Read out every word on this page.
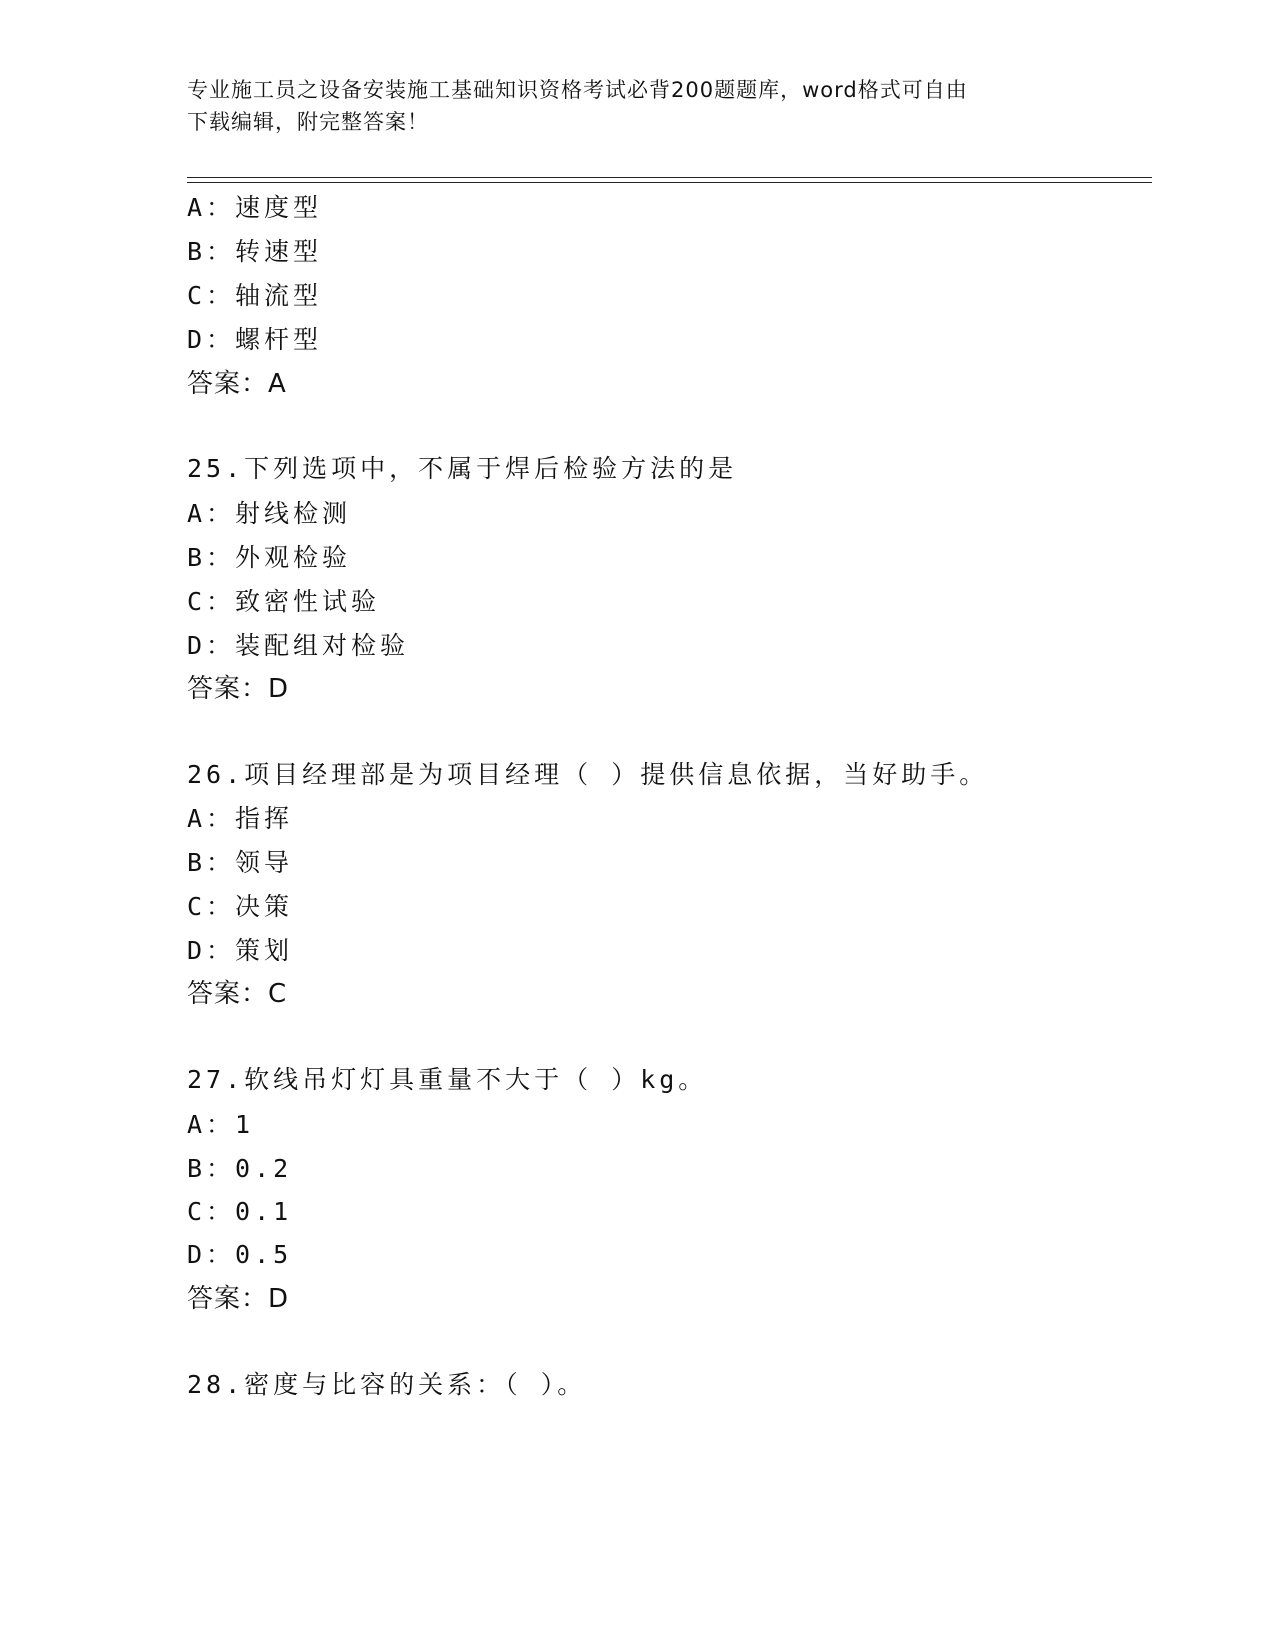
专业施工员之设备安装施工基础知识资格考试必背200题题库，word格式可自由
下载编辑，附完整答案！
A：速度型
B：转速型
C：轴流型
D：螺杆型
答案：A
25.下列选项中，不属于焊后检验方法的是
A：射线检测
B：外观检验
C：致密性试验
D：装配组对检验
答案：D
26.项目经理部是为项目经理（ ）提供信息依据，当好助手。
A：指挥
B：领导
C：决策
D：策划
答案：C
27.软线吊灯灯具重量不大于（ ）kg。
A：1
B：0.2
C：0.1
D：0.5
答案：D
28.密度与比容的关系：（ ）。
